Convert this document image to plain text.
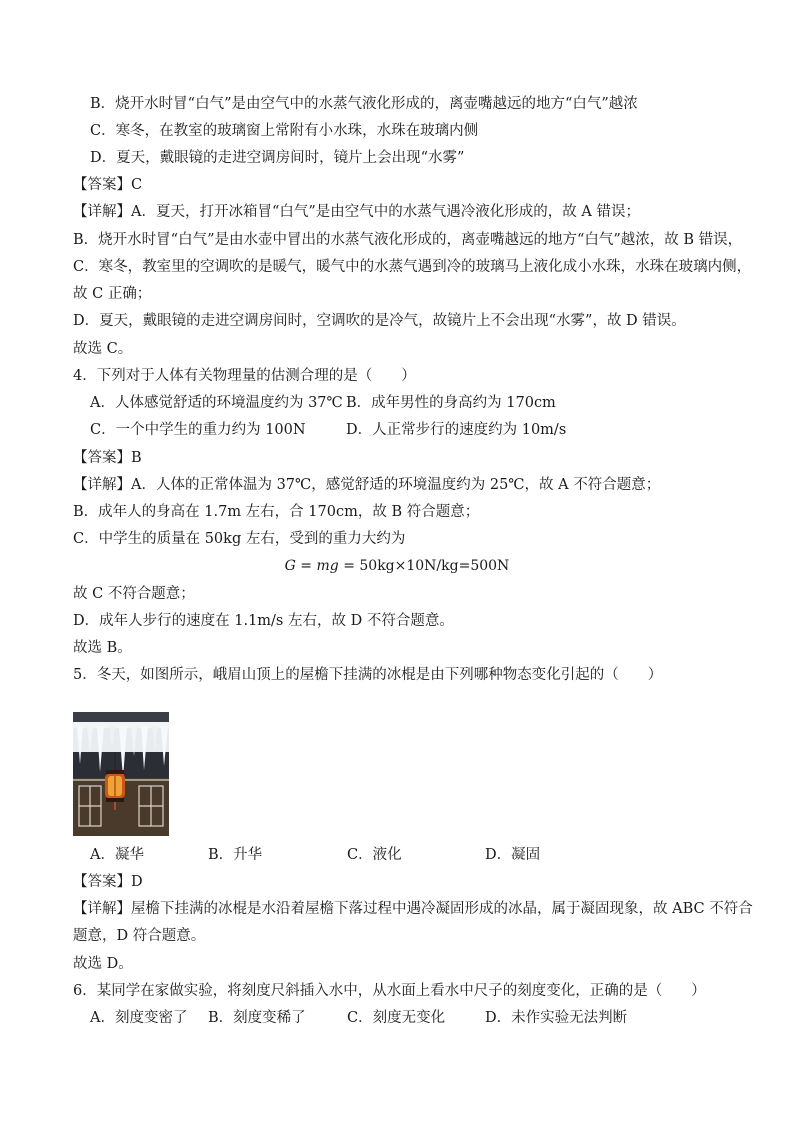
B．烧开水时冒“白气”是由空气中的水蒸气液化形成的，离壶嘴越远的地方“白气”越浓
C．寒冬，在教室的玻璃窗上常附有小水珠，水珠在玻璃内侧
D．夏天，戴眼镜的走进空调房间时，镜片上会出现“水雾”
【答案】C
【详解】A．夏天，打开冰箱冒“白气”是由空气中的水蒸气遇冷液化形成的，故 A 错误；
B．烧开水时冒“白气”是由水壶中冒出的水蒸气液化形成的，离壶嘴越远的地方“白气”越浓，故 B 错误，
C．寒冬，教室里的空调吹的是暖气，暖气中的水蒸气遇到冷的玻璃马上液化成小水珠，水珠在玻璃内侧，
故 C 正确；
D．夏天，戴眼镜的走进空调房间时，空调吹的是冷气，故镜片上不会出现“水雾”，故 D 错误。
故选 C。
4．下列对于人体有关物理量的估测合理的是（　　）
A．人体感觉舒适的环境温度约为 37℃ B．成年男性的身高约为 170cm
C．一个中学生的重力约为 100N	D．人正常步行的速度约为 10m/s
【答案】B
【详解】A．人体的正常体温为 37℃，感觉舒适的环境温度约为 25℃，故 A 不符合题意；
B．成年人的身高在 1.7m 左右，合 170cm，故 B 符合题意；
C．中学生的质量在 50kg 左右，受到的重力大约为
G = mg = 50kg×10N/kg=500N
故 C 不符合题意；
D．成年人步行的速度在 1.1m/s 左右，故 D 不符合题意。
故选 B。
5．冬天，如图所示，峨眉山顶上的屋檐下挂满的冰棍是由下列哪种物态变化引起的（　　）
A．凝华	B．升华	C．液化	D．凝固
【答案】D
【详解】屋檐下挂满的冰棍是水沿着屋檐下落过程中遇冷凝固形成的冰晶，属于凝固现象，故 ABC 不符合
题意，D 符合题意。
故选 D。
6．某同学在家做实验，将刻度尺斜插入水中，从水面上看水中尺子的刻度变化，正确的是（　　）
A．刻度变密了 B．刻度变稀了	C．刻度无变化	D．未作实验无法判断
